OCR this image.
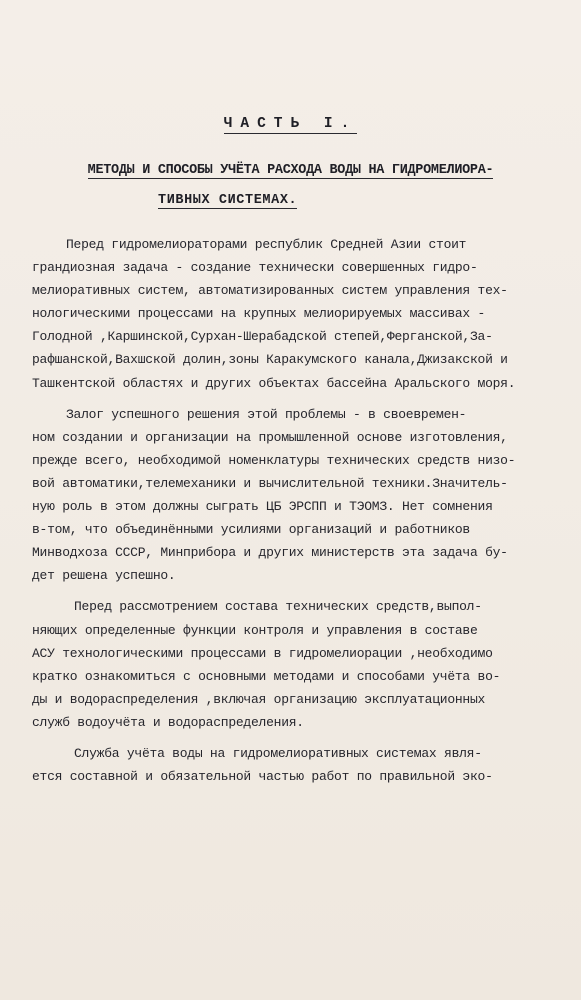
ЧАСТЬ I.
МЕТОДЫ И СПОСОБЫ УЧЁТА РАСХОДА ВОДЫ НА ГИДРОМЕЛИОРА-
ТИВНЫХ СИСТЕМАХ.
Перед гидромелиораторами республик Средней Азии стоит
грандиозная задача - создание технически совершенных гидро-
мелиоративных систем, автоматизированных систем управления тех-
нологическими процессами на крупных мелиорируемых массивах -
Голодной ,Каршинской,Сурхан-Шерабадской степей,Ферганской,За-
рафшанской,Вахшской долин,зоны Каракумского канала,Джизакской и
Ташкентской областях и других объектах бассейна Аральского моря.
Залог успешного решения этой проблемы - в своевремен-
ном создании и организации на промышленной основе изготовления,
прежде всего, необходимой номенклатуры технических средств низо-
вой автоматики,телемеханики и вычислительной техники.Значитель-
ную роль в этом должны сыграть ЦБ ЭРСПП и ТЭОМЗ. Нет сомнения
в-том, что объединёнными усилиями организаций и работников
Минводхоза СССР, Минприбора и других министерств эта задача бу-
дет решена успешно.
Перед рассмотрением состава технических средств,выпол-
няющих определенные функции контроля и управления в составе
АСУ технологическими процессами в гидромелиорации ,необходимо
кратко ознакомиться с основными методами и способами учёта во-
ды и водораспределения ,включая организацию эксплуатационных
служб водоучёта и водораспределения.
Служба учёта воды на гидромелиоративных системах явля-
ется составной и обязательной частью работ по правильной эко-
